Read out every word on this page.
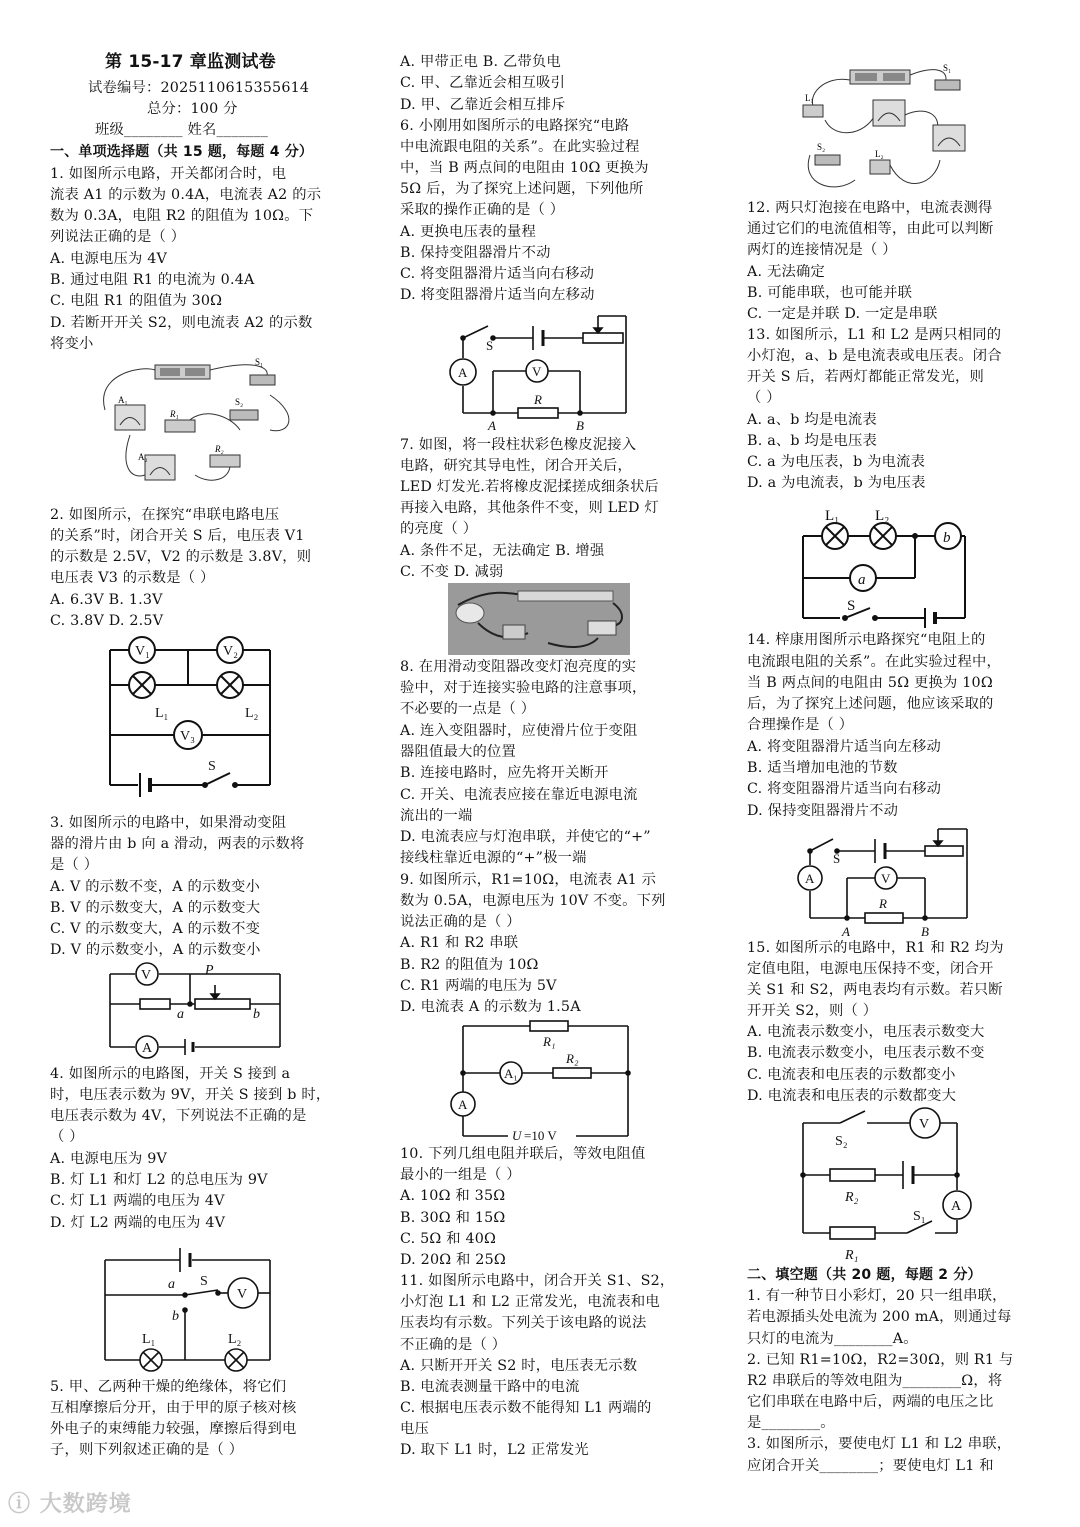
第 15-17 章监测试卷
试卷编号：2025110615355614
总分：100 分
班级________ 姓名_______
一、单项选择题（共 15 题，每题 4 分）
1. 如图所示电路，开关都闭合时，电
流表 A1 的示数为 0.4A，电流表 A2 的示
数为 0.3A，电阻 R2 的阻值为 10Ω。下
列说法正确的是（ ）
A. 电源电压为 4V
B. 通过电阻 R1 的电流为 0.4A
C. 电阻 R1 的阻值为 30Ω
D. 若断开开关 S2，则电流表 A2 的示数
将变小
S₁
A₁
R₁
S₂
A₂
R₂
2. 如图所示，在探究“串联电路电压
的关系”时，闭合开关 S 后，电压表 V1
的示数是 2.5V，V2 的示数是 3.8V，则
电压表 V3 的示数是（ ）
A. 6.3V B. 1.3V
C. 3.8V D. 2.5V
V₁	V₂
V₃
L₁	L₂
S
3. 如图所示的电路中，如果滑动变阻
器的滑片由 b 向 a 滑动，两表的示数将
是（ ）
A. V 的示数不变，A 的示数变小
B. V 的示数变大，A 的示数变大
C. V 的示数变大，A 的示数不变
D. V 的示数变小，A 的示数变小
V
A
P
a	b
4. 如图所示的电路图，开关 S 接到 a
时，电压表示数为 9V，开关 S 接到 b 时，
电压表示数为 4V，下列说法不正确的是
（ ）
A. 电源电压为 9V
B. 灯 L1 和灯 L2 的总电压为 9V
C. 灯 L1 两端的电压为 4V
D. 灯 L2 两端的电压为 4V
a
b
S
V
L₁	L₂
5. 甲、乙两种干燥的绝缘体，将它们
互相摩擦后分开，由于甲的原子核对核
外电子的束缚能力较强，摩擦后得到电
子，则下列叙述正确的是（ ）
A. 甲带正电 B. 乙带负电
C. 甲、乙靠近会相互吸引
D. 甲、乙靠近会相互排斥
6. 小刚用如图所示的电路探究“电路
中电流跟电阻的关系”。在此实验过程
中，当 B 两点间的电阻由 10Ω 更换为
5Ω 后，为了探究上述问题，下列他所
采取的操作正确的是（ ）
A. 更换电压表的量程
B. 保持变阻器滑片不动
C. 将变阻器滑片适当向右移动
D. 将变阻器滑片适当向左移动
S
A	V
R
A	B
7. 如图，将一段柱状彩色橡皮泥接入
电路，研究其导电性，闭合开关后，
LED 灯发光.若将橡皮泥揉搓成细条状后
再接入电路，其他条件不变，则 LED 灯
的亮度（ ）
A. 条件不足，无法确定 B. 增强
C. 不变 D. 减弱
8. 在用滑动变阻器改变灯泡亮度的实
验中，对于连接实验电路的注意事项，
不必要的一点是（ ）
A. 连入变阻器时，应使滑片位于变阻
器阻值最大的位置
B. 连接电路时，应先将开关断开
C. 开关、电流表应接在靠近电源电流
流出的一端
D. 电流表应与灯泡串联，并使它的“+”
接线柱靠近电源的“+”极一端
9. 如图所示，R1=10Ω，电流表 A1 示
数为 0.5A，电源电压为 10V 不变。下列
说法正确的是（ ）
A. R1 和 R2 串联
B. R2 的阻值为 10Ω
C. R1 两端的电压为 5V
D. 电流表 A 的示数为 1.5A
R₁
R₂
A
A₁
U =10 V
10. 下列几组电阻并联后，等效电阻值
最小的一组是（ ）
A. 10Ω 和 35Ω
B. 30Ω 和 15Ω
C. 5Ω 和 40Ω
D. 20Ω 和 25Ω
11. 如图所示电路中，闭合开关 S1、S2，
小灯泡 L1 和 L2 正常发光，电流表和电
压表均有示数。下列关于该电路的说法
不正确的是（ ）
A. 只断开开关 S2 时，电压表无示数
B. 电流表测量干路中的电流
C. 根据电压表示数不能得知 L1 两端的
电压
D. 取下 L1 时，L2 正常发光
S₁
L₁
S₂
L₂
12. 两只灯泡接在电路中，电流表测得
通过它们的电流值相等，由此可以判断
两灯的连接情况是（ ）
A. 无法确定
B. 可能串联，也可能并联
C. 一定是并联 D. 一定是串联
13. 如图所示，L1 和 L2 是两只相同的
小灯泡，a、b 是电流表或电压表。闭合
开关 S 后，若两灯都能正常发光，则
（ ）
A. a、b 均是电流表
B. a、b 均是电压表
C. a 为电压表，b 为电流表
D. a 为电流表，b 为电压表
L₁ L₂
b
a
S
14. 梓康用图所示电路探究“电阻上的
电流跟电阻的关系”。在此实验过程中，
当 B 两点间的电阻由 5Ω 更换为 10Ω
后，为了探究上述问题，他应该采取的
合理操作是（ ）
A. 将变阻器滑片适当向左移动
B. 适当增加电池的节数
C. 将变阻器滑片适当向右移动
D. 保持变阻器滑片不动
S
A	V
R
A	B
15. 如图所示的电路中，R1 和 R2 均为
定值电阻，电源电压保持不变，闭合开
关 S1 和 S2，两电表均有示数。若只断
开开关 S2，则（ ）
A. 电流表示数变小，电压表示数变大
B. 电流表示数变小，电压表示数不变
C. 电流表和电压表的示数都变小
D. 电流表和电压表的示数都变大
S₂
V
A
R₂
S₁
R₁
二、填空题（共 20 题，每题 2 分）
1. 有一种节日小彩灯，20 只一组串联，
若电源插头处电流为 200 mA，则通过每
只灯的电流为________A。
2. 已知 R1=10Ω，R2=30Ω，则 R1 与
R2 串联后的等效电阻为________Ω，将
它们串联在电路中后，两端的电压之比
是________。
3. 如图所示，要使电灯 L1 和 L2 串联，
应闭合开关________；要使电灯 L1 和
ⓘ 大数跨境
